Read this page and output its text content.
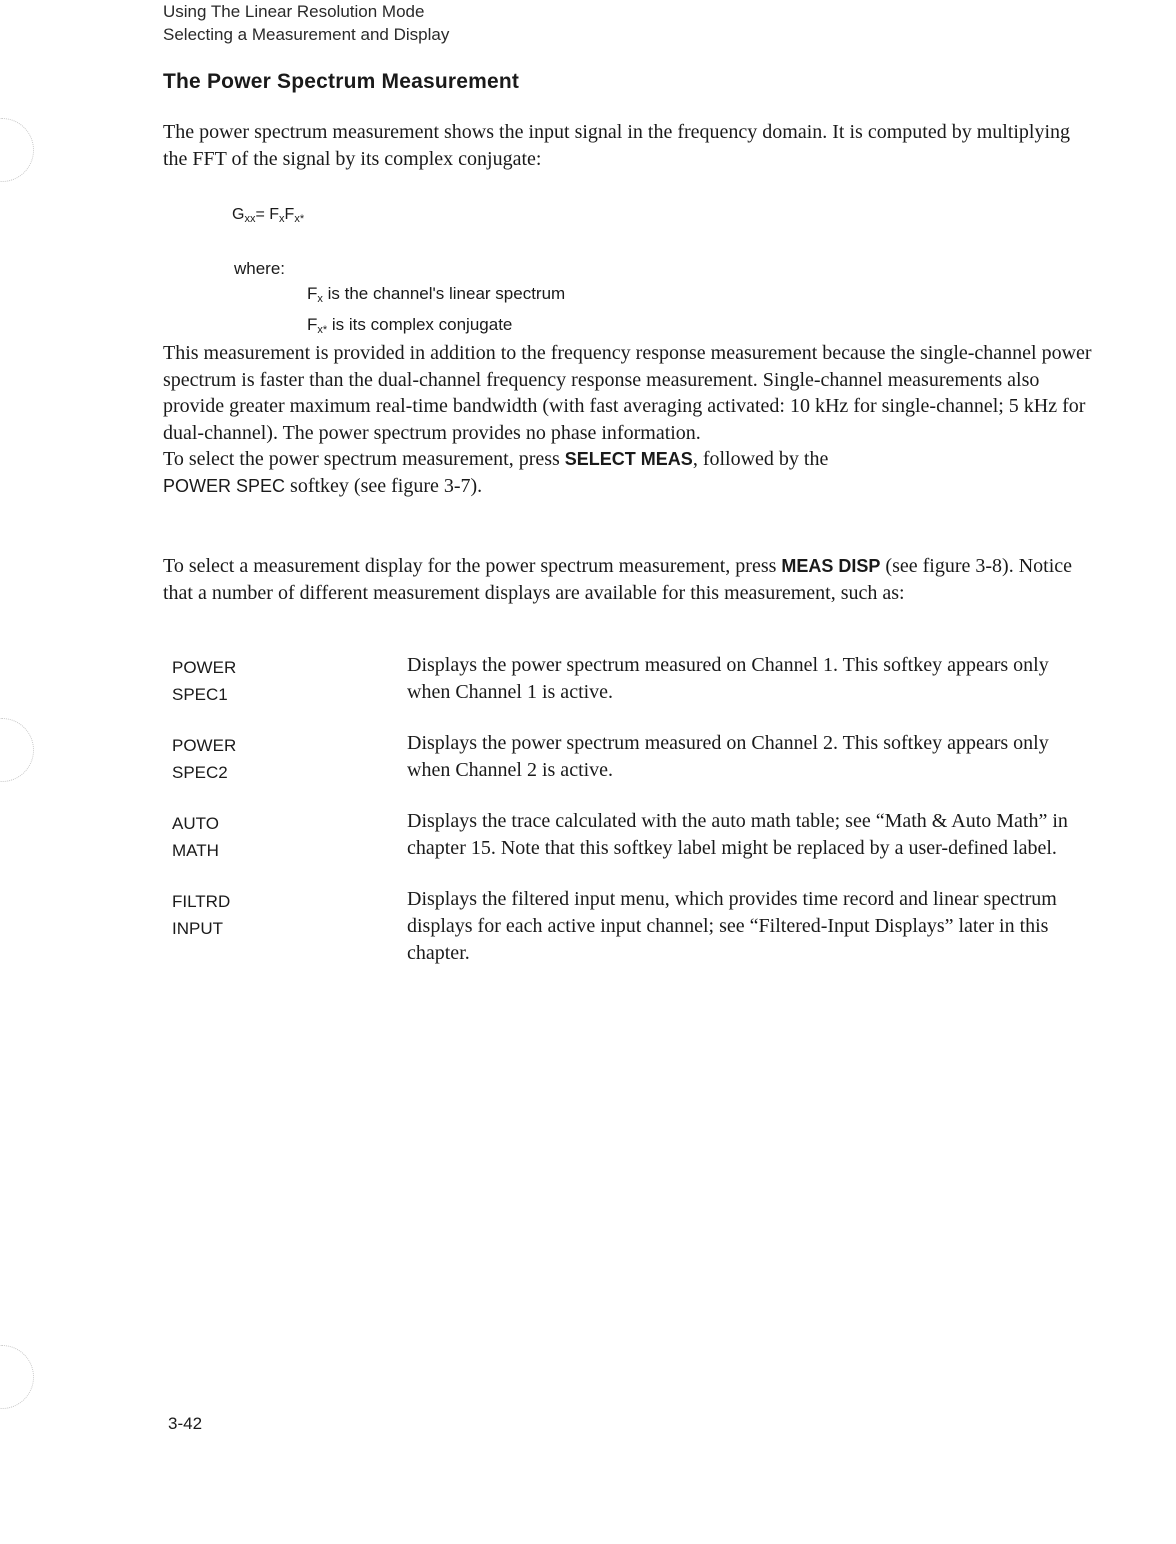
Using The Linear Resolution Mode
Selecting a Measurement and Display
The Power Spectrum Measurement
The power spectrum measurement shows the input signal in the frequency domain. It is computed by multiplying the FFT of the signal by its complex conjugate:
$G_{xx}= F_xF_{x*}$
where:
$F_x$ is the channel's linear spectrum
$F_{x*}$ is its complex conjugate
This measurement is provided in addition to the frequency response measurement because the single-channel power spectrum is faster than the dual-channel frequency response measurement. Single-channel measurements also provide greater maximum real-time bandwidth (with fast averaging activated: 10 kHz for single-channel; 5 kHz for dual-channel). The power spectrum provides no phase information.
To select the power spectrum measurement, press SELECT MEAS, followed by the
POWER SPEC softkey (see figure 3-7).
To select a measurement display for the power spectrum measurement, press MEAS DISP (see figure 3-8). Notice that a number of different measurement displays are available for this measurement, such as:
POWER
SPEC1
Displays the power spectrum measured on Channel 1. This softkey appears only when Channel 1 is active.
POWER
SPEC2
Displays the power spectrum measured on Channel 2. This softkey appears only when Channel 2 is active.
AUTO
MATH
Displays the trace calculated with the auto math table; see “Math & Auto Math” in chapter 15. Note that this softkey label might be replaced by a user-defined label.
FILTRD
INPUT
Displays the filtered input menu, which provides time record and linear spectrum displays for each active input channel; see “Filtered-Input Displays” later in this chapter.
3-42
